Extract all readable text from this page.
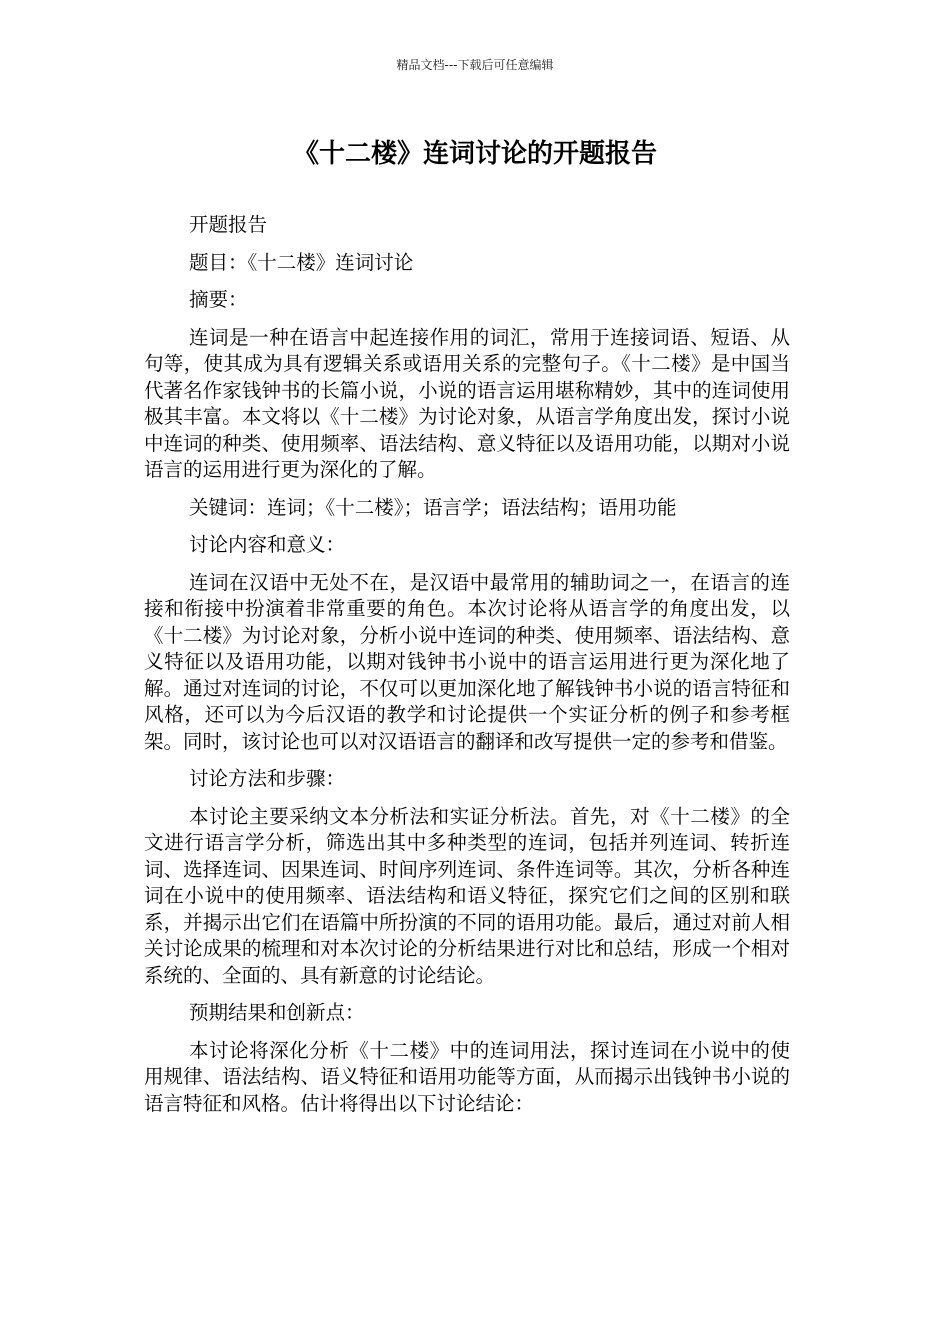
精品文档---下载后可任意编辑
《十二楼》连词讨论的开题报告

开题报告

题目：《十二楼》连词讨论

摘要：

连词是一种在语言中起连接作用的词汇，常用于连接词语、短语、从句等，使其成为具有逻辑关系或语用关系的完整句子。《十二楼》是中国当代著名作家钱钟书的长篇小说，小说的语言运用堪称精妙，其中的连词使用极其丰富。本文将以《十二楼》为讨论对象，从语言学角度出发，探讨小说中连词的种类、使用频率、语法结构、意义特征以及语用功能，以期对小说语言的运用进行更为深化的了解。

关键词：连词；《十二楼》；语言学；语法结构；语用功能

讨论内容和意义：

连词在汉语中无处不在，是汉语中最常用的辅助词之一，在语言的连接和衔接中扮演着非常重要的角色。本次讨论将从语言学的角度出发，以《十二楼》为讨论对象，分析小说中连词的种类、使用频率、语法结构、意义特征以及语用功能，以期对钱钟书小说中的语言运用进行更为深化地了解。通过对连词的讨论，不仅可以更加深化地了解钱钟书小说的语言特征和风格，还可以为今后汉语的教学和讨论提供一个实证分析的例子和参考框架。同时，该讨论也可以对汉语语言的翻译和改写提供一定的参考和借鉴。

讨论方法和步骤：

本讨论主要采纳文本分析法和实证分析法。首先，对《十二楼》的全文进行语言学分析，筛选出其中多种类型的连词，包括并列连词、转折连词、选择连词、因果连词、时间序列连词、条件连词等。其次，分析各种连词在小说中的使用频率、语法结构和语义特征，探究它们之间的区别和联系，并揭示出它们在语篇中所扮演的不同的语用功能。最后，通过对前人相关讨论成果的梳理和对本次讨论的分析结果进行对比和总结，形成一个相对系统的、全面的、具有新意的讨论结论。

预期结果和创新点：

本讨论将深化分析《十二楼》中的连词用法，探讨连词在小说中的使用规律、语法结构、语义特征和语用功能等方面，从而揭示出钱钟书小说的语言特征和风格。估计将得出以下讨论结论：
